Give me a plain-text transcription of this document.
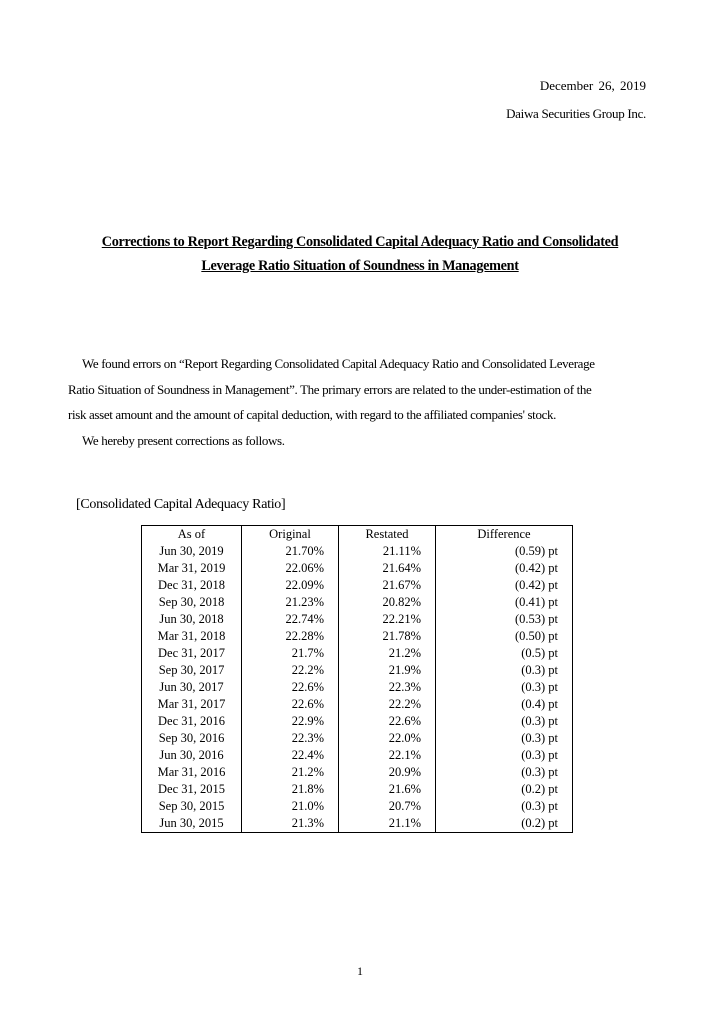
December 26, 2019
Daiwa Securities Group Inc.
Corrections to Report Regarding Consolidated Capital Adequacy Ratio and Consolidated
Leverage Ratio Situation of Soundness in Management

We found errors on “Report Regarding Consolidated Capital Adequacy Ratio and Consolidated Leverage

Ratio Situation of Soundness in Management”. The primary errors are related to the under-estimation of the

risk asset amount and the amount of capital deduction, with regard to the affiliated companies' stock.

We hereby present corrections as follows.

[Consolidated Capital Adequacy Ratio]
As of	Original	Restated	Difference
Jun 30, 2019	21.70%	21.11%	(0.59) pt
Mar 31, 2019	22.06%	21.64%	(0.42) pt
Dec 31, 2018	22.09%	21.67%	(0.42) pt
Sep 30, 2018	21.23%	20.82%	(0.41) pt
Jun 30, 2018	22.74%	22.21%	(0.53) pt
Mar 31, 2018	22.28%	21.78%	(0.50) pt
Dec 31, 2017	21.7%	21.2%	(0.5) pt
Sep 30, 2017	22.2%	21.9%	(0.3) pt
Jun 30, 2017	22.6%	22.3%	(0.3) pt
Mar 31, 2017	22.6%	22.2%	(0.4) pt
Dec 31, 2016	22.9%	22.6%	(0.3) pt
Sep 30, 2016	22.3%	22.0%	(0.3) pt
Jun 30, 2016	22.4%	22.1%	(0.3) pt
Mar 31, 2016	21.2%	20.9%	(0.3) pt
Dec 31, 2015	21.8%	21.6%	(0.2) pt
Sep 30, 2015	21.0%	20.7%	(0.3) pt
Jun 30, 2015	21.3%	21.1%	(0.2) pt
1
